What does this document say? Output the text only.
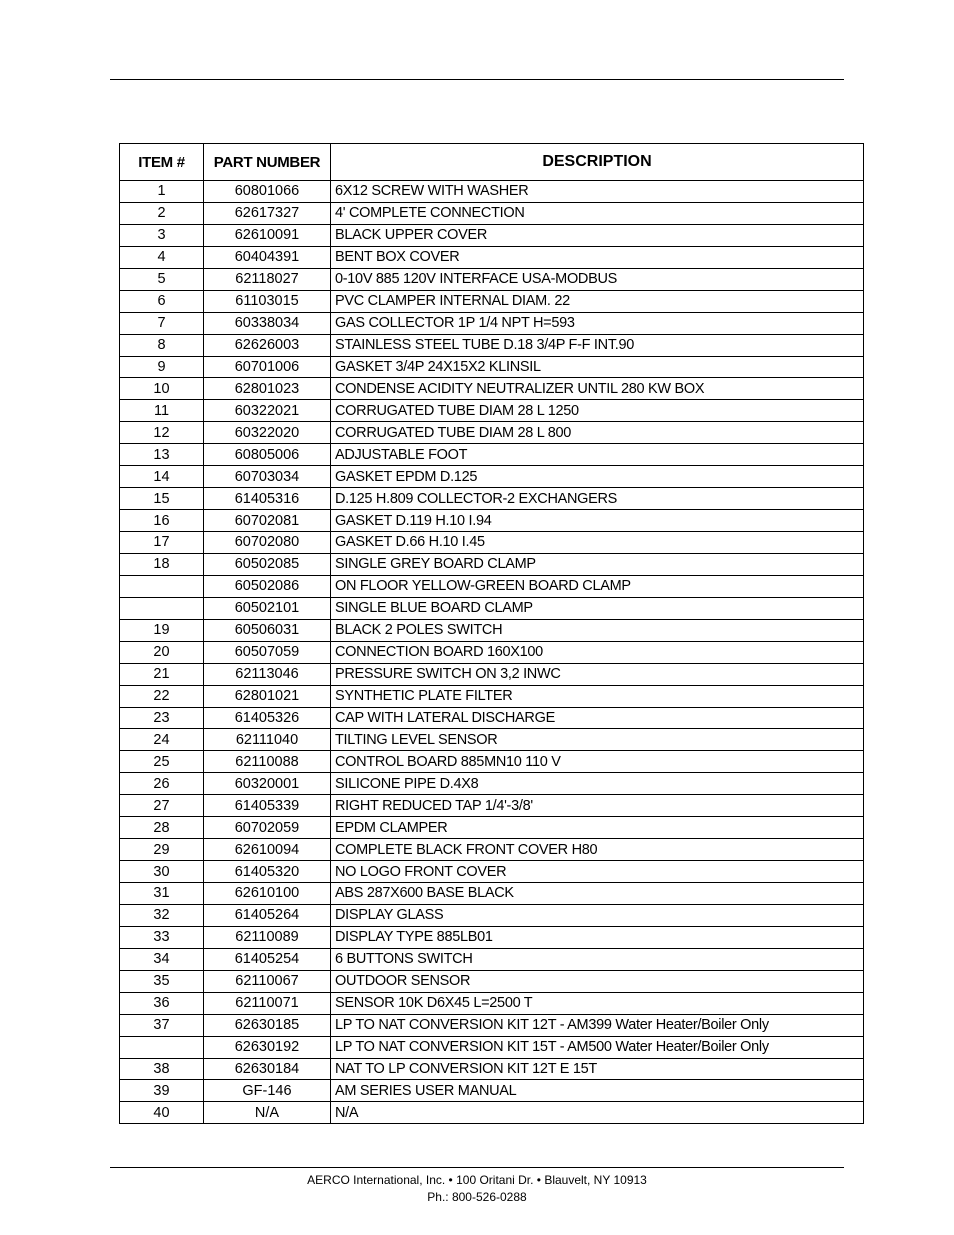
ITEM #	PART NUMBER	DESCRIPTION
1	60801066	6X12 SCREW WITH WASHER
2	62617327	4' COMPLETE CONNECTION
3	62610091	BLACK UPPER COVER
4	60404391	BENT BOX COVER
5	62118027	0-10V 885 120V INTERFACE USA-MODBUS
6	61103015	PVC CLAMPER INTERNAL DIAM. 22
7	60338034	GAS COLLECTOR 1P 1/4 NPT H=593
8	62626003	STAINLESS STEEL TUBE D.18 3/4P F-F INT.90
9	60701006	GASKET 3/4P 24X15X2 KLINSIL
10	62801023	CONDENSE ACIDITY NEUTRALIZER UNTIL 280 KW BOX
11	60322021	CORRUGATED TUBE DIAM 28 L 1250
12	60322020	CORRUGATED TUBE DIAM 28 L 800
13	60805006	ADJUSTABLE FOOT
14	60703034	GASKET EPDM D.125
15	61405316	D.125 H.809 COLLECTOR-2 EXCHANGERS
16	60702081	GASKET D.119 H.10 I.94
17	60702080	GASKET D.66 H.10 I.45
18	60502085	SINGLE GREY BOARD CLAMP
	60502086	ON FLOOR YELLOW-GREEN BOARD CLAMP
	60502101	SINGLE BLUE BOARD CLAMP
19	60506031	BLACK 2 POLES SWITCH
20	60507059	CONNECTION BOARD 160X100
21	62113046	PRESSURE SWITCH ON 3,2 INWC
22	62801021	SYNTHETIC PLATE FILTER
23	61405326	CAP WITH LATERAL DISCHARGE
24	62111040	TILTING LEVEL SENSOR
25	62110088	CONTROL BOARD 885MN10 110 V
26	60320001	SILICONE PIPE D.4X8
27	61405339	RIGHT REDUCED TAP 1/4'-3/8'
28	60702059	EPDM CLAMPER
29	62610094	COMPLETE BLACK FRONT COVER H80
30	61405320	NO LOGO FRONT COVER
31	62610100	ABS 287X600 BASE BLACK
32	61405264	DISPLAY GLASS
33	62110089	DISPLAY TYPE 885LB01
34	61405254	6 BUTTONS SWITCH
35	62110067	OUTDOOR SENSOR
36	62110071	SENSOR 10K D6X45 L=2500 T
37	62630185	LP TO NAT CONVERSION KIT 12T - AM399 Water Heater/Boiler Only
	62630192	LP TO NAT CONVERSION KIT 15T - AM500 Water Heater/Boiler Only
38	62630184	NAT TO LP CONVERSION KIT 12T E 15T
39	GF-146	AM SERIES USER MANUAL
40	N/A	N/A
AERCO International, Inc. • 100 Oritani Dr. • Blauvelt, NY 10913
Ph.: 800-526-0288
